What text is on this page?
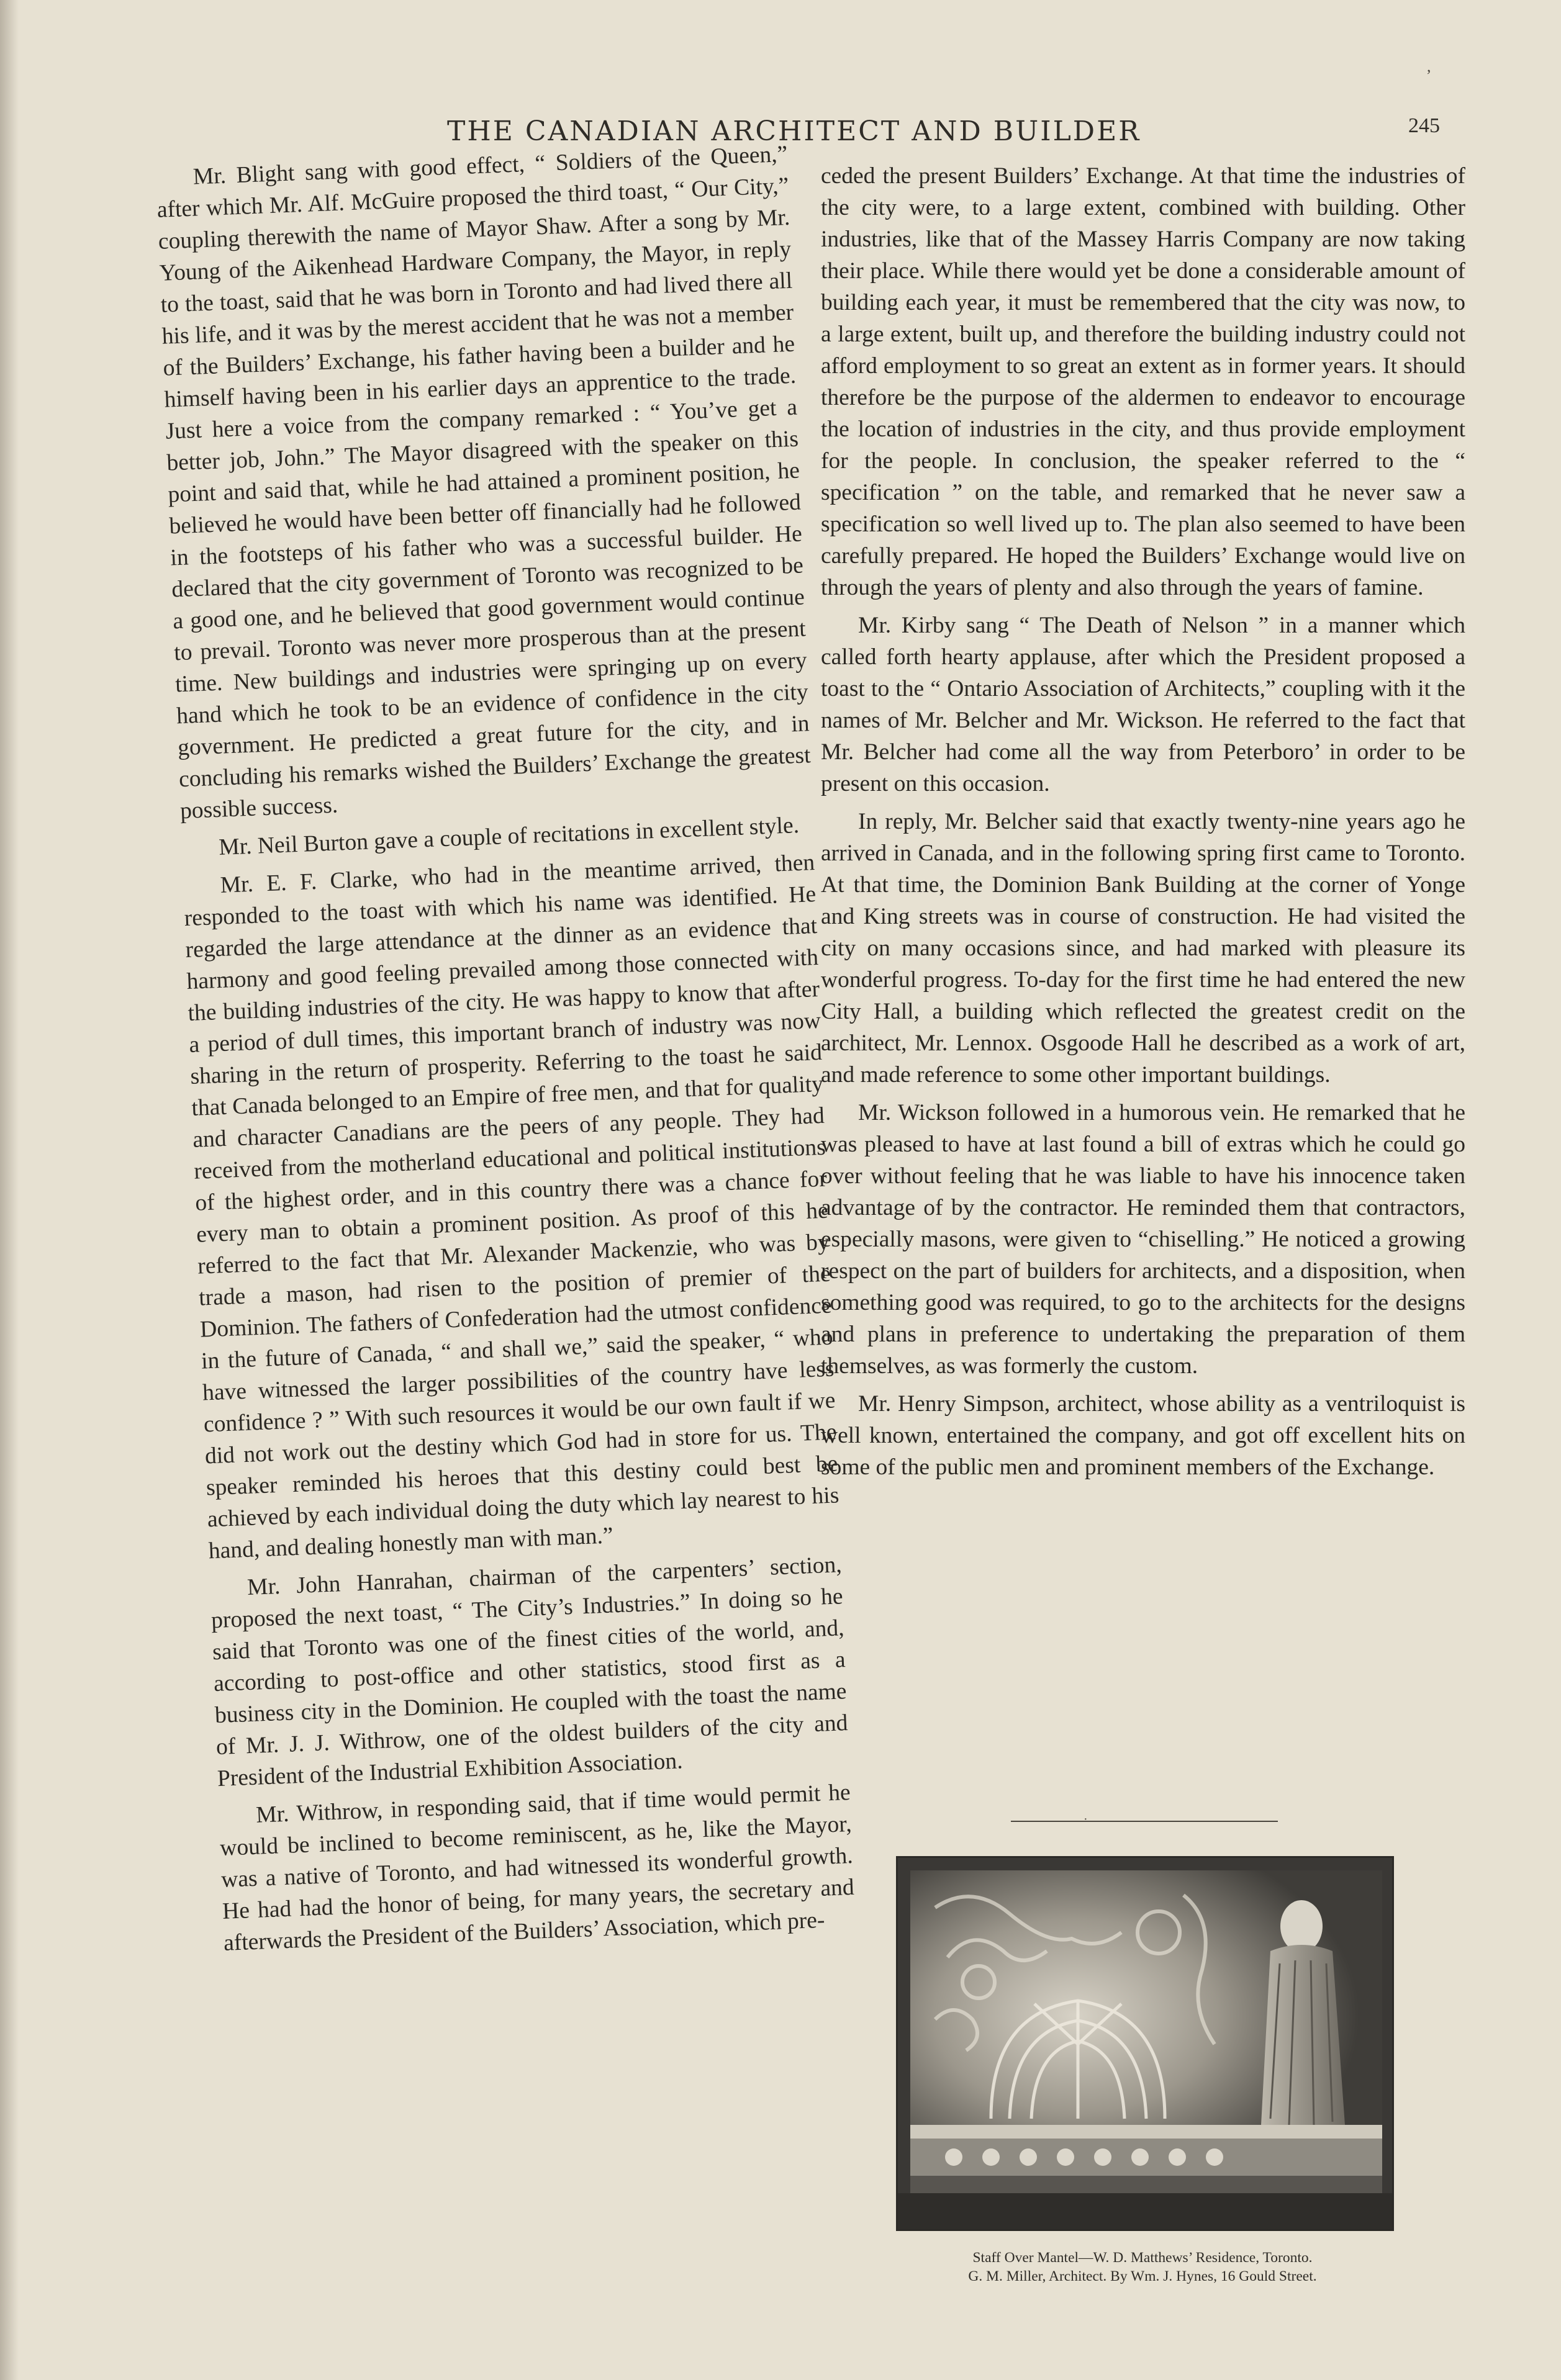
,
THE CANADIAN ARCHITECT AND BUILDER	245

Mr. Blight sang with good effect, “ Soldiers of the Queen,” after which Mr. Alf. McGuire proposed the third toast, “ Our City,” coupling therewith the name of Mayor Shaw. After a song by Mr. Young of the Aikenhead Hardware Company, the Mayor, in reply to the toast, said that he was born in Toronto and had lived there all his life, and it was by the merest accident that he was not a member of the Builders’ Exchange, his father having been a builder and he himself having been in his earlier days an apprentice to the trade. Just here a voice from the company remarked : “ You’ve get a better job, John.” The Mayor disagreed with the speaker on this point and said that, while he had attained a prominent position, he believed he would have been better off financially had he followed in the footsteps of his father who was a successful builder. He declared that the city government of Toronto was recognized to be a good one, and he believed that good government would continue to prevail. Toronto was never more prosperous than at the present time. New buildings and industries were springing up on every hand which he took to be an evidence of confidence in the city government. He predicted a great future for the city, and in concluding his remarks wished the Builders’ Exchange the greatest possible success.

Mr. Neil Burton gave a couple of recitations in excellent style.

Mr. E. F. Clarke, who had in the meantime arrived, then responded to the toast with which his name was identified. He regarded the large attendance at the dinner as an evidence that harmony and good feeling prevailed among those connected with the building industries of the city. He was happy to know that after a period of dull times, this important branch of industry was now sharing in the return of prosperity. Referring to the toast he said that Canada belonged to an Empire of free men, and that for quality and character Canadians are the peers of any people. They had received from the motherland educational and political institutions of the highest order, and in this country there was a chance for every man to obtain a prominent position. As proof of this he referred to the fact that Mr. Alexander Mackenzie, who was by trade a mason, had risen to the position of premier of the Dominion. The fathers of Confederation had the utmost confidence in the future of Canada, “ and shall we,” said the speaker, “ who have witnessed the larger possibilities of the country have less confidence ? ” With such resources it would be our own fault if we did not work out the destiny which God had in store for us. The speaker reminded his heroes that this destiny could best be achieved by each individual doing the duty which lay nearest to his hand, and dealing honestly man with man.”

Mr. John Hanrahan, chairman of the carpenters’ section, proposed the next toast, “ The City’s Industries.” In doing so he said that Toronto was one of the finest cities of the world, and, according to post-office and other statistics, stood first as a business city in the Dominion. He coupled with the toast the name of Mr. J. J. Withrow, one of the oldest builders of the city and President of the Industrial Exhibition Association.

Mr. Withrow, in responding said, that if time would permit he would be inclined to become reminiscent, as he, like the Mayor, was a native of Toronto, and had witnessed its wonderful growth. He had had the honor of being, for many years, the secretary and afterwards the President of the Builders’ Association, which pre-

ceded the present Builders’ Exchange. At that time the industries of the city were, to a large extent, combined with building. Other industries, like that of the Massey Harris Company are now taking their place. While there would yet be done a considerable amount of building each year, it must be remembered that the city was now, to a large extent, built up, and therefore the building industry could not afford employment to so great an extent as in former years. It should therefore be the purpose of the aldermen to endeavor to encourage the location of industries in the city, and thus provide employment for the people. In conclusion, the speaker referred to the “ specification ” on the table, and remarked that he never saw a specification so well lived up to. The plan also seemed to have been carefully prepared. He hoped the Builders’ Exchange would live on through the years of plenty and also through the years of famine.

Mr. Kirby sang “ The Death of Nelson ” in a manner which called forth hearty applause, after which the President proposed a toast to the “ Ontario Association of Architects,” coupling with it the names of Mr. Belcher and Mr. Wickson. He referred to the fact that Mr. Belcher had come all the way from Peterboro’ in order to be present on this occasion.

In reply, Mr. Belcher said that exactly twenty-nine years ago he arrived in Canada, and in the following spring first came to Toronto. At that time, the Dominion Bank Building at the corner of Yonge and King streets was in course of construction. He had visited the city on many occasions since, and had marked with pleasure its wonderful progress. To-day for the first time he had entered the new City Hall, a building which reflected the greatest credit on the architect, Mr. Lennox. Osgoode Hall he described as a work of art, and made reference to some other important buildings.

Mr. Wickson followed in a humorous vein. He remarked that he was pleased to have at last found a bill of extras which he could go over without feeling that he was liable to have his innocence taken advantage of by the contractor. He reminded them that contractors, especially masons, were given to “chiselling.” He noticed a growing respect on the part of builders for architects, and a disposition, when something good was required, to go to the architects for the designs and plans in preference to undertaking the preparation of them themselves, as was formerly the custom.

Mr. Henry Simpson, architect, whose ability as a ventriloquist is well known, entertained the company, and got off excellent hits on some of the public men and prominent members of the Exchange.

·
Staff Over Mantel—W. D. Matthews’ Residence, Toronto.
G. M. Miller, Architect. By Wm. J. Hynes, 16 Gould Street.
